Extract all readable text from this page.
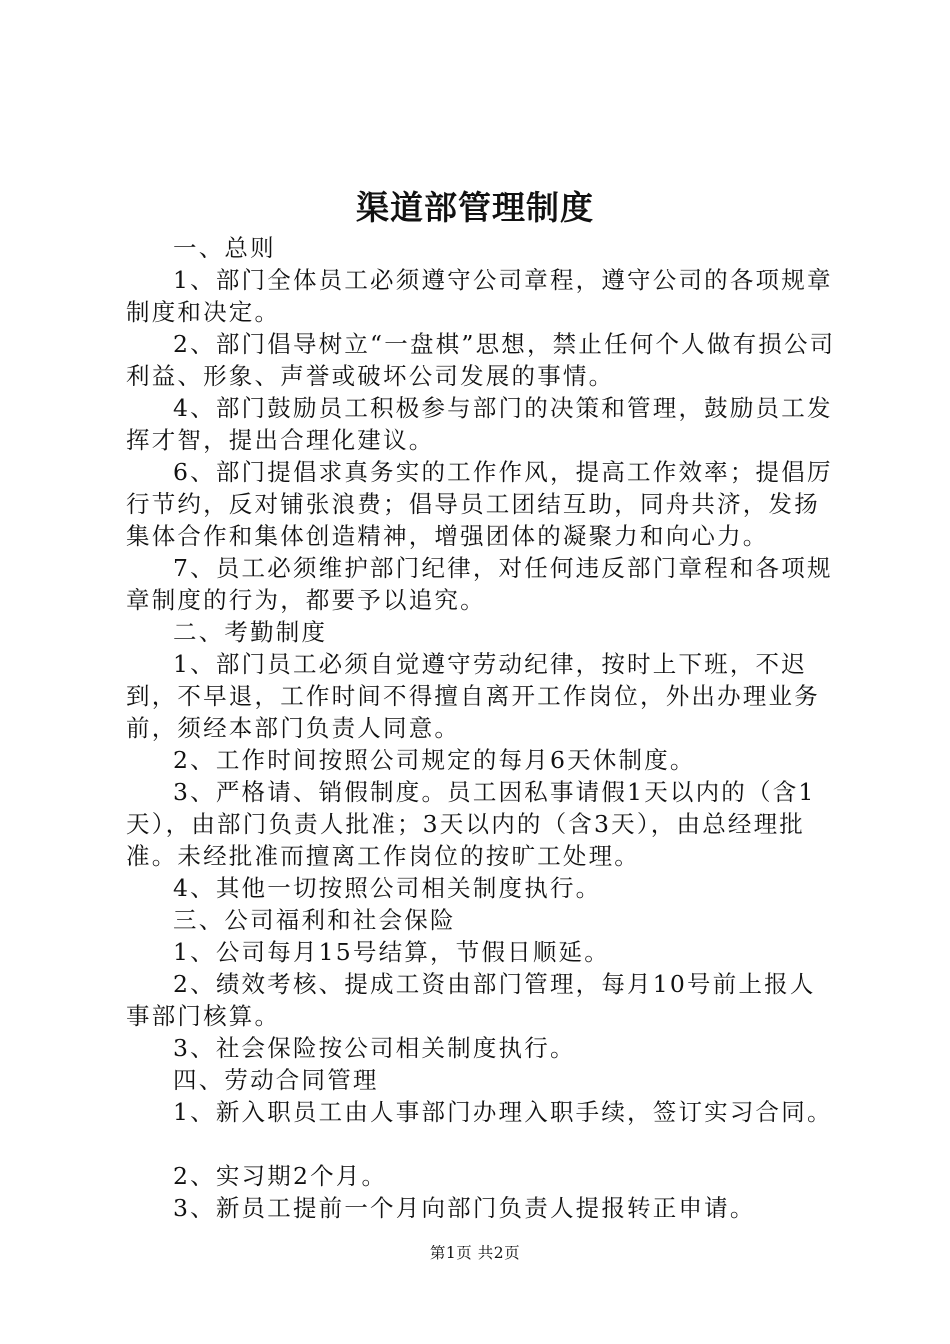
渠道部管理制度

一、总则

1、部门全体员工必须遵守公司章程，遵守公司的各项规章制度和决定。

2、部门倡导树立“一盘棋”思想，禁止任何个人做有损公司利益、形象、声誉或破坏公司发展的事情。

4、部门鼓励员工积极参与部门的决策和管理，鼓励员工发挥才智，提出合理化建议。

6、部门提倡求真务实的工作作风，提高工作效率；提倡厉行节约，反对铺张浪费；倡导员工团结互助，同舟共济，发扬集体合作和集体创造精神，增强团体的凝聚力和向心力。

7、员工必须维护部门纪律，对任何违反部门章程和各项规章制度的行为，都要予以追究。

二、考勤制度

1、部门员工必须自觉遵守劳动纪律，按时上下班，不迟到，不早退，工作时间不得擅自离开工作岗位，外出办理业务前，须经本部门负责人同意。

2、工作时间按照公司规定的每月6天休制度。

3、严格请、销假制度。员工因私事请假1天以内的（含1天），由部门负责人批准；3天以内的（含3天），由总经理批准。未经批准而擅离工作岗位的按旷工处理。

4、其他一切按照公司相关制度执行。

三、公司福利和社会保险

1、公司每月15号结算，节假日顺延。

2、绩效考核、提成工资由部门管理，每月10号前上报人事部门核算。

3、社会保险按公司相关制度执行。

四、劳动合同管理

1、新入职员工由人事部门办理入职手续，签订实习合同。

2、实习期2个月。

3、新员工提前一个月向部门负责人提报转正申请。

第1页 共2页
